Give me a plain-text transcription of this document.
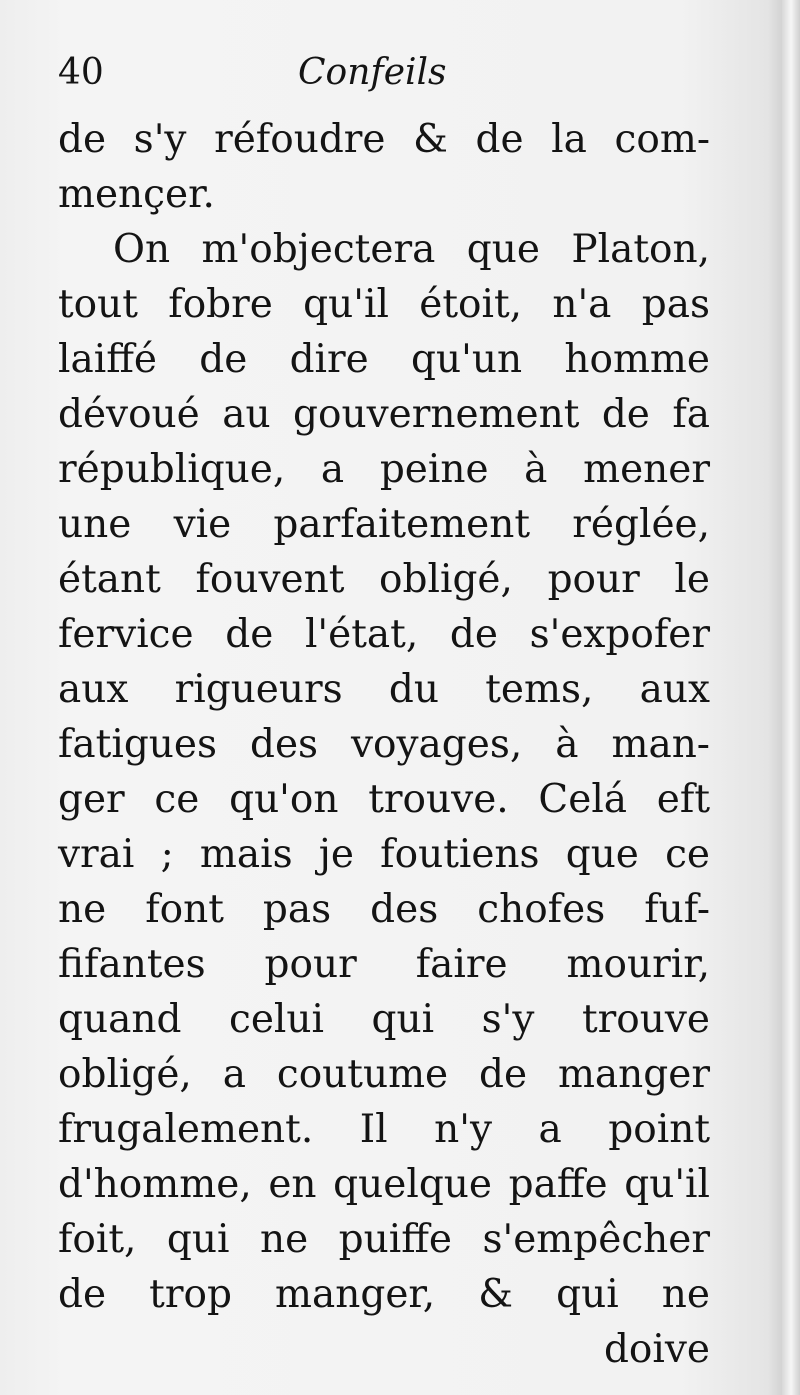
40	Confeils
de s'y réfoudre & de la com-
mençer.
On m'objectera que Platon,
tout fobre qu'il étoit, n'a pas
laiffé de dire qu'un homme
dévoué au gouvernement de fa
république, a peine à mener
une vie parfaitement réglée,
étant fouvent obligé, pour le
fervice de l'état, de s'expofer
aux rigueurs du tems, aux
fatigues des voyages, à man-
ger ce qu'on trouve. Celá eft
vrai ; mais je foutiens que ce
ne font pas des chofes fuf-
fifantes pour faire mourir,
quand celui qui s'y trouve
obligé, a coutume de manger
frugalement. Il n'y a point
d'homme, en quelque paffe qu'il
foit, qui ne puiffe s'empêcher
de trop manger, & qui ne
doive
